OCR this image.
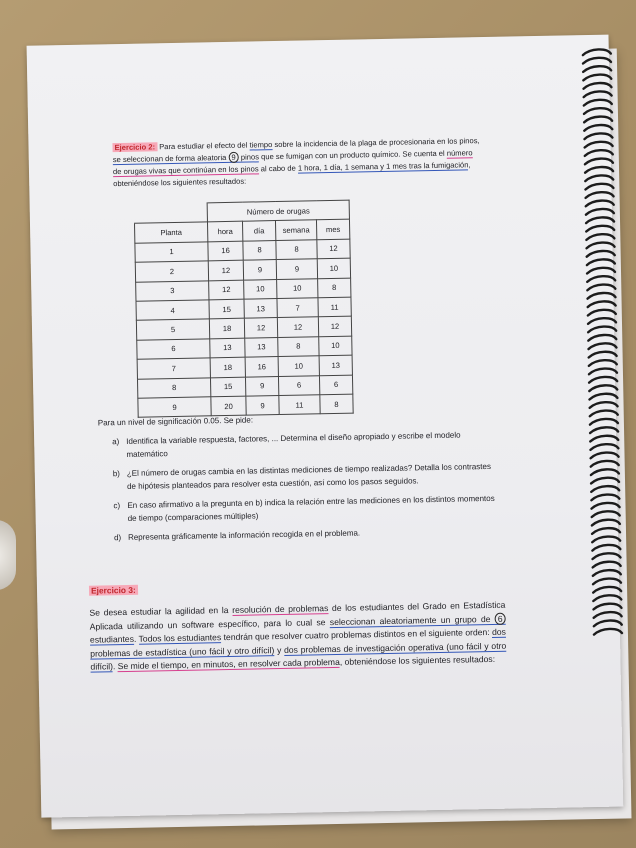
Ejercicio 2: Para estudiar el efecto del tiempo sobre la incidencia de la plaga de procesionaria en los pinos, se seleccionan de forma aleatoria 9 pinos que se fumigan con un producto químico. Se cuenta el número de orugas vivas que continúan en los pinos al cabo de 1 hora, 1 día, 1 semana y 1 mes tras la fumigación, obteniéndose los siguientes resultados:
	Número de orugas			
Planta	hora	día	semana	mes
1	16	8	8	12
2	12	9	9	10
3	12	10	10	8
4	15	13	7	11
5	18	12	12	12
6	13	13	8	10
7	18	16	10	13
8	15	9	6	6
9	20	9	11	8
Para un nivel de significación 0.05. Se pide:
a) Identifica la variable respuesta, factores, ... Determina el diseño apropiado y escribe el modelo matemático
b) ¿El número de orugas cambia en las distintas mediciones de tiempo realizadas? Detalla los contrastes de hipótesis planteados para resolver esta cuestión, así como los pasos seguidos.
c) En caso afirmativo a la pregunta en b) indica la relación entre las mediciones en los distintos momentos de tiempo (comparaciones múltiples)
d) Representa gráficamente la información recogida en el problema.
Ejercicio 3:
Se desea estudiar la agilidad en la resolución de problemas de los estudiantes del Grado en Estadística Aplicada utilizando un software específico, para lo cual se seleccionan aleatoriamente un grupo de 6 estudiantes. Todos los estudiantes tendrán que resolver cuatro problemas distintos en el siguiente orden: dos problemas de estadística (uno fácil y otro difícil) y dos problemas de investigación operativa (uno fácil y otro difícil). Se mide el tiempo, en minutos, en resolver cada problema, obteniéndose los siguientes resultados:
